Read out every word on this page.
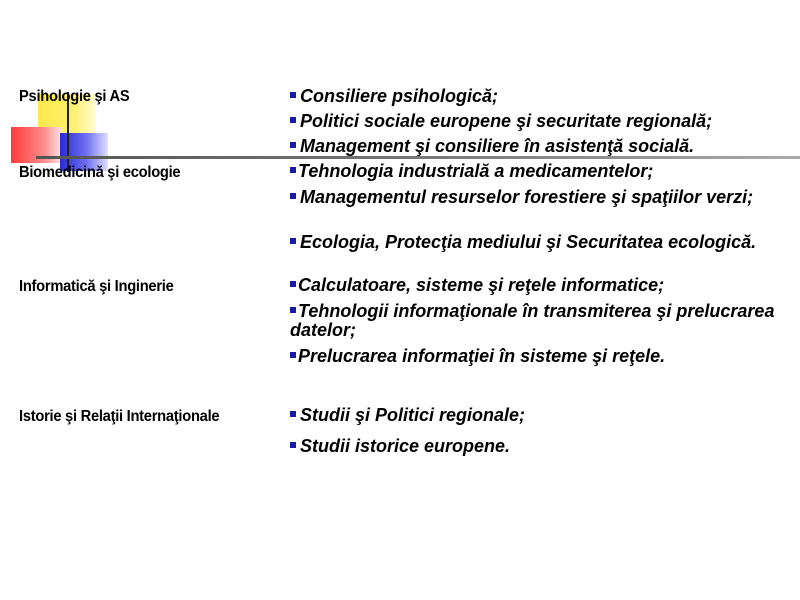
Psihologie şi AS	Consiliere psihologică;
Politici sociale europene şi securitate regională;
Management şi consiliere în asistenţă socială.
Biomedicină şi ecologie	Tehnologia industrială a medicamentelor;
Managementul resurselor forestiere şi spaţiilor verzi;
Ecologia, Protecţia mediului şi Securitatea ecologică.
Informatică şi Inginerie	Calculatoare, sisteme şi reţele informatice;
Tehnologii informaţionale în transmiterea şi prelucrarea datelor;
Prelucrarea informaţiei în sisteme şi reţele.
Istorie şi Relaţii Internaţionale	Studii şi Politici regionale;
Studii istorice europene.
